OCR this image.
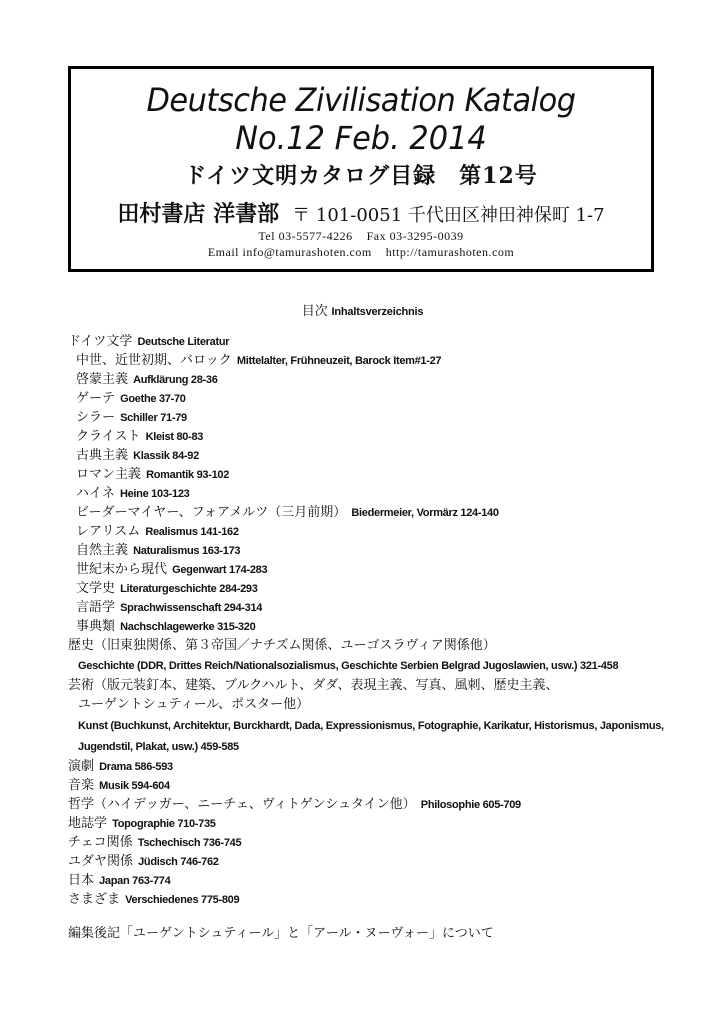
Deutsche Zivilisation Katalog
No.12 Feb. 2014
ドイツ文明カタログ目録　第12号
田村書店 洋書部 〒 101-0051 千代田区神田神保町 1-7
Tel 03-5577-4226 Fax 03-3295-0039
Email info@tamurashoten.com http://tamurashoten.com
目次 Inhaltsverzeichnis
ドイツ文学 Deutsche Literatur
中世、近世初期、バロック Mittelalter, Frühneuzeit, Barock Item#1-27
啓蒙主義 Aufklärung 28-36
ゲーテ Goethe 37-70
シラー Schiller 71-79
クライスト Kleist 80-83
古典主義 Klassik 84-92
ロマン主義 Romantik 93-102
ハイネ Heine 103-123
ビーダーマイヤー、フォアメルツ（三月前期） Biedermeier, Vormärz 124-140
レアリスム Realismus 141-162
自然主義 Naturalismus 163-173
世紀末から現代 Gegenwart 174-283
文学史 Literaturgeschichte 284-293
言語学 Sprachwissenschaft 294-314
事典類 Nachschlagewerke 315-320
歴史（旧東独関係、第３帝国／ナチズム関係、ユーゴスラヴィア関係他）
Geschichte (DDR, Drittes Reich/Nationalsozialismus, Geschichte Serbien Belgrad Jugoslawien, usw.) 321-458
芸術（版元装釘本、建築、ブルクハルト、ダダ、表現主義、写真、風刺、歴史主義、
ユーゲントシュティール、ポスター他）
Kunst (Buchkunst, Architektur, Burckhardt, Dada, Expressionismus, Fotographie, Karikatur, Historismus, Japonismus,
Jugendstil, Plakat, usw.) 459-585
演劇 Drama 586-593
音楽 Musik 594-604
哲学（ハイデッガー、ニーチェ、ヴィトゲンシュタイン他） Philosophie 605-709
地誌学 Topographie 710-735
チェコ関係 Tschechisch 736-745
ユダヤ関係 Jüdisch 746-762
日本 Japan 763-774
さまざま Verschiedenes 775-809
編集後記「ユーゲントシュティール」と「アール・ヌーヴォー」について
